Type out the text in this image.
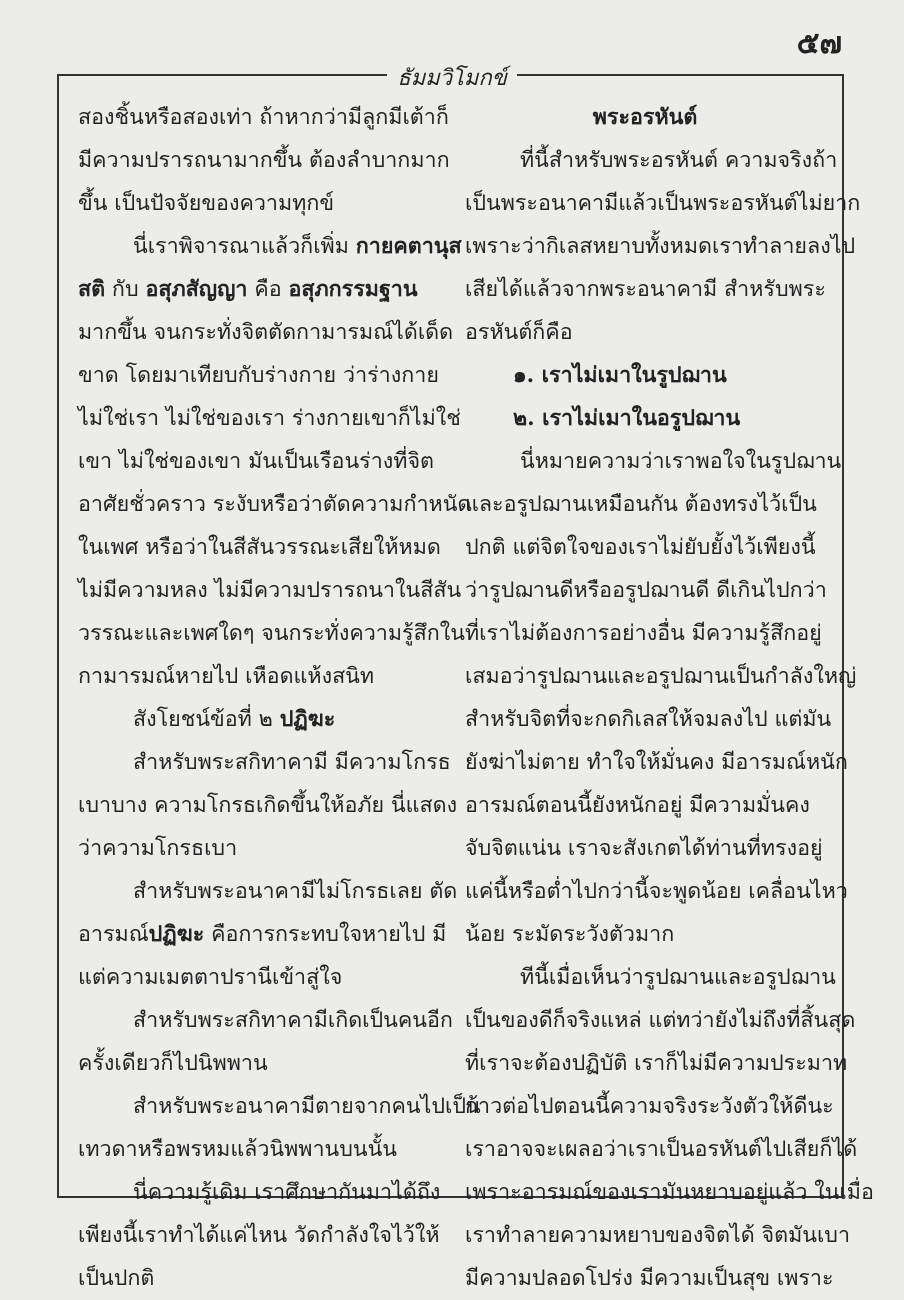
๕๗
ธัมมวิโมกข์
สองชิ้นหรือสองเท่า ถ้าหากว่ามีลูกมีเต้าก็
มีความปรารถนามากขึ้น ต้องลำบากมาก
ขึ้น เป็นปัจจัยของความทุกข์
นี่เราพิจารณาแล้วก็เพิ่ม กายคตานุส
สติ กับ อสุภสัญญา คือ อสุภกรรมฐาน
มากขึ้น จนกระทั่งจิตตัดกามารมณ์ได้เด็ด
ขาด โดยมาเทียบกับร่างกาย ว่าร่างกาย
ไม่ใช่เรา ไม่ใช่ของเรา ร่างกายเขาก็ไม่ใช่
เขา ไม่ใช่ของเขา มันเป็นเรือนร่างที่จิต
อาศัยชั่วคราว ระงับหรือว่าตัดความกำหนัด
ในเพศ หรือว่าในสีสันวรรณะเสียให้หมด
ไม่มีความหลง ไม่มีความปรารถนาในสีสัน
วรรณะและเพศใดๆ จนกระทั่งความรู้สึกใน
กามารมณ์หายไป เหือดแห้งสนิท
สังโยชน์ข้อที่ ๒ ปฏิฆะ
สำหรับพระสกิทาคามี มีความโกรธ
เบาบาง ความโกรธเกิดขึ้นให้อภัย นี่แสดง
ว่าความโกรธเบา
สำหรับพระอนาคามีไม่โกรธเลย ตัด
อารมณ์ปฏิฆะ คือการกระทบใจหายไป มี
แต่ความเมตตาปรานีเข้าสู่ใจ
สำหรับพระสกิทาคามีเกิดเป็นคนอีก
ครั้งเดียวก็ไปนิพพาน
สำหรับพระอนาคามีตายจากคนไปเป็น
เทวดาหรือพรหมแล้วนิพพานบนนั้น
นี่ความรู้เดิม เราศึกษากันมาได้ถึง
เพียงนี้เราทำได้แค่ไหน วัดกำลังใจไว้ให้
เป็นปกติ
พระอรหันต์
ที่นี้สำหรับพระอรหันต์ ความจริงถ้า
เป็นพระอนาคามีแล้วเป็นพระอรหันต์ไม่ยาก
เพราะว่ากิเลสหยาบทั้งหมดเราทำลายลงไป
เสียได้แล้วจากพระอนาคามี สำหรับพระ
อรหันต์ก็คือ
๑. เราไม่เมาในรูปฌาน
๒. เราไม่เมาในอรูปฌาน
นี่หมายความว่าเราพอใจในรูปฌาน
และอรูปฌานเหมือนกัน ต้องทรงไว้เป็น
ปกติ แต่จิตใจของเราไม่ยับยั้งไว้เพียงนี้
ว่ารูปฌานดีหรืออรูปฌานดี ดีเกินไปกว่า
ที่เราไม่ต้องการอย่างอื่น มีความรู้สึกอยู่
เสมอว่ารูปฌานและอรูปฌานเป็นกำลังใหญ่
สำหรับจิตที่จะกดกิเลสให้จมลงไป แต่มัน
ยังฆ่าไม่ตาย ทำใจให้มั่นคง มีอารมณ์หนัก
อารมณ์ตอนนี้ยังหนักอยู่ มีความมั่นคง
จับจิตแน่น เราจะสังเกตได้ท่านที่ทรงอยู่
แค่นี้หรือต่ำไปกว่านี้จะพูดน้อย เคลื่อนไหว
น้อย ระมัดระวังตัวมาก
ทีนี้เมื่อเห็นว่ารูปฌานและอรูปฌาน
เป็นของดีก็จริงแหล่ แต่ทว่ายังไม่ถึงที่สิ้นสุด
ที่เราจะต้องปฏิบัติ เราก็ไม่มีความประมาท
ก้าวต่อไปตอนนี้ความจริงระวังตัวให้ดีนะ
เราอาจจะเผลอว่าเราเป็นอรหันต์ไปเสียก็ได้
เพราะอารมณ์ของเรามันหยาบอยู่แล้ว ในเมื่อ
เราทำลายความหยาบของจิตได้ จิตมันเบา
มีความปลอดโปร่ง มีความเป็นสุข เพราะ
